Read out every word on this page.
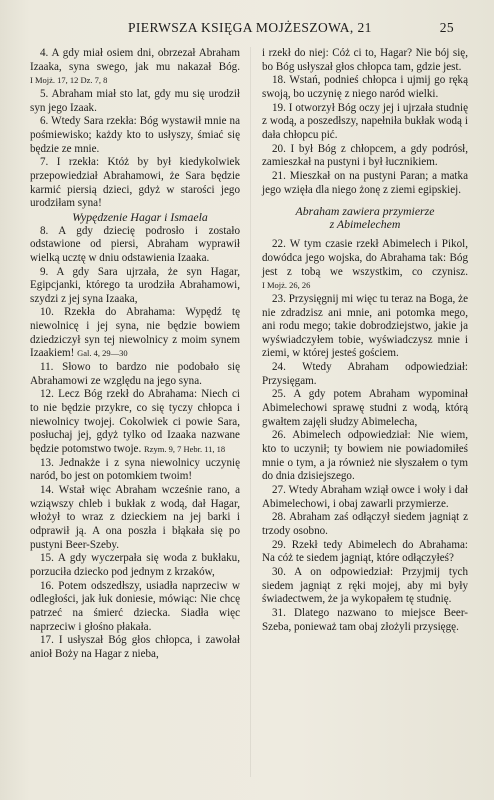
PIERWSZA KSIĘGA MOJŻESZOWA, 21	25

4. A gdy miał osiem dni, obrzezał Abraham Izaaka, syna swego, jak mu nakazał Bóg. I Mojż. 17, 12 Dz. 7, 8

5. Abraham miał sto lat, gdy mu się urodził syn jego Izaak.

6. Wtedy Sara rzekła: Bóg wystawił mnie na pośmiewisko; każdy kto to usłyszy, śmiać się będzie ze mnie.

7. I rzekła: Któż by był kiedykolwiek przepowiedział Abrahamowi, że Sara będzie karmić piersią dzieci, gdyż w starości jego urodziłam syna!

Wypędzenie Hagar i Ismaela

8. A gdy dziecię podrosło i zostało odstawione od piersi, Abraham wyprawił wielką ucztę w dniu odstawienia Izaaka.

9. A gdy Sara ujrzała, że syn Hagar, Egipcjanki, którego ta urodziła Abrahamowi, szydzi z jej syna Izaaka,

10. Rzekła do Abrahama: Wypędź tę niewolnicę i jej syna, nie będzie bowiem dziedziczył syn tej niewolnicy z moim synem Izaakiem! Gal. 4, 29—30

11. Słowo to bardzo nie podobało się Abrahamowi ze względu na jego syna.

12. Lecz Bóg rzekł do Abrahama: Niech ci to nie będzie przykre, co się tyczy chłopca i niewolnicy twojej. Cokolwiek ci powie Sara, posłuchaj jej, gdyż tylko od Izaaka nazwane będzie potomstwo twoje. Rzym. 9, 7 Hebr. 11, 18

13. Jednakże i z syna niewolnicy uczynię naród, bo jest on potomkiem twoim!

14. Wstał więc Abraham wcześnie rano, a wziąwszy chleb i bukłak z wodą, dał Hagar, włożył to wraz z dzieckiem na jej barki i odprawił ją. A ona poszła i błąkała się po pustyni Beer-Szeby.

15. A gdy wyczerpała się woda z bukłaku, porzuciła dziecko pod jednym z krzaków,

16. Potem odszedłszy, usiadła naprzeciw w odległości, jak łuk doniesie, mówiąc: Nie chcę patrzeć na śmierć dziecka. Siadła więc naprzeciw i głośno płakała.

17. I usłyszał Bóg głos chłopca, i zawołał anioł Boży na Hagar z nieba,

i rzekł do niej: Cóż ci to, Hagar? Nie bój się, bo Bóg usłyszał głos chłopca tam, gdzie jest.

18. Wstań, podnieś chłopca i ujmij go ręką swoją, bo uczynię z niego naród wielki.

19. I otworzył Bóg oczy jej i ujrzała studnię z wodą, a poszedłszy, napełniła bukłak wodą i dała chłopcu pić.

20. I był Bóg z chłopcem, a gdy podrósł, zamieszkał na pustyni i był łucznikiem.

21. Mieszkał on na pustyni Paran; a matka jego wzięła dla niego żonę z ziemi egipskiej.

Abraham zawiera przymierze
z Abimelechem

22. W tym czasie rzekł Abimelech i Pikol, dowódca jego wojska, do Abrahama tak: Bóg jest z tobą we wszystkim, co czynisz. I Mojż. 26, 26

23. Przysięgnij mi więc tu teraz na Boga, że nie zdradzisz ani mnie, ani potomka mego, ani rodu mego; takie dobrodziejstwo, jakie ja wyświadczyłem tobie, wyświadczysz mnie i ziemi, w której jesteś gościem.

24. Wtedy Abraham odpowiedział: Przysięgam.

25. A gdy potem Abraham wypominał Abimelechowi sprawę studni z wodą, którą gwałtem zajęli słudzy Abimelecha,

26. Abimelech odpowiedział: Nie wiem, kto to uczynił; ty bowiem nie powiadomiłeś mnie o tym, a ja również nie słyszałem o tym do dnia dzisiejszego.

27. Wtedy Abraham wziął owce i woły i dał Abimelechowi, i obaj zawarli przymierze.

28. Abraham zaś odłączył siedem jagniąt z trzody osobno.

29. Rzekł tedy Abimelech do Abrahama: Na cóż te siedem jagniąt, które odłączyłeś?

30. A on odpowiedział: Przyjmij tych siedem jagniąt z ręki mojej, aby mi były świadectwem, że ja wykopałem tę studnię.

31. Dlatego nazwano to miejsce Beer-Szeba, ponieważ tam obaj złożyli przysięgę.
